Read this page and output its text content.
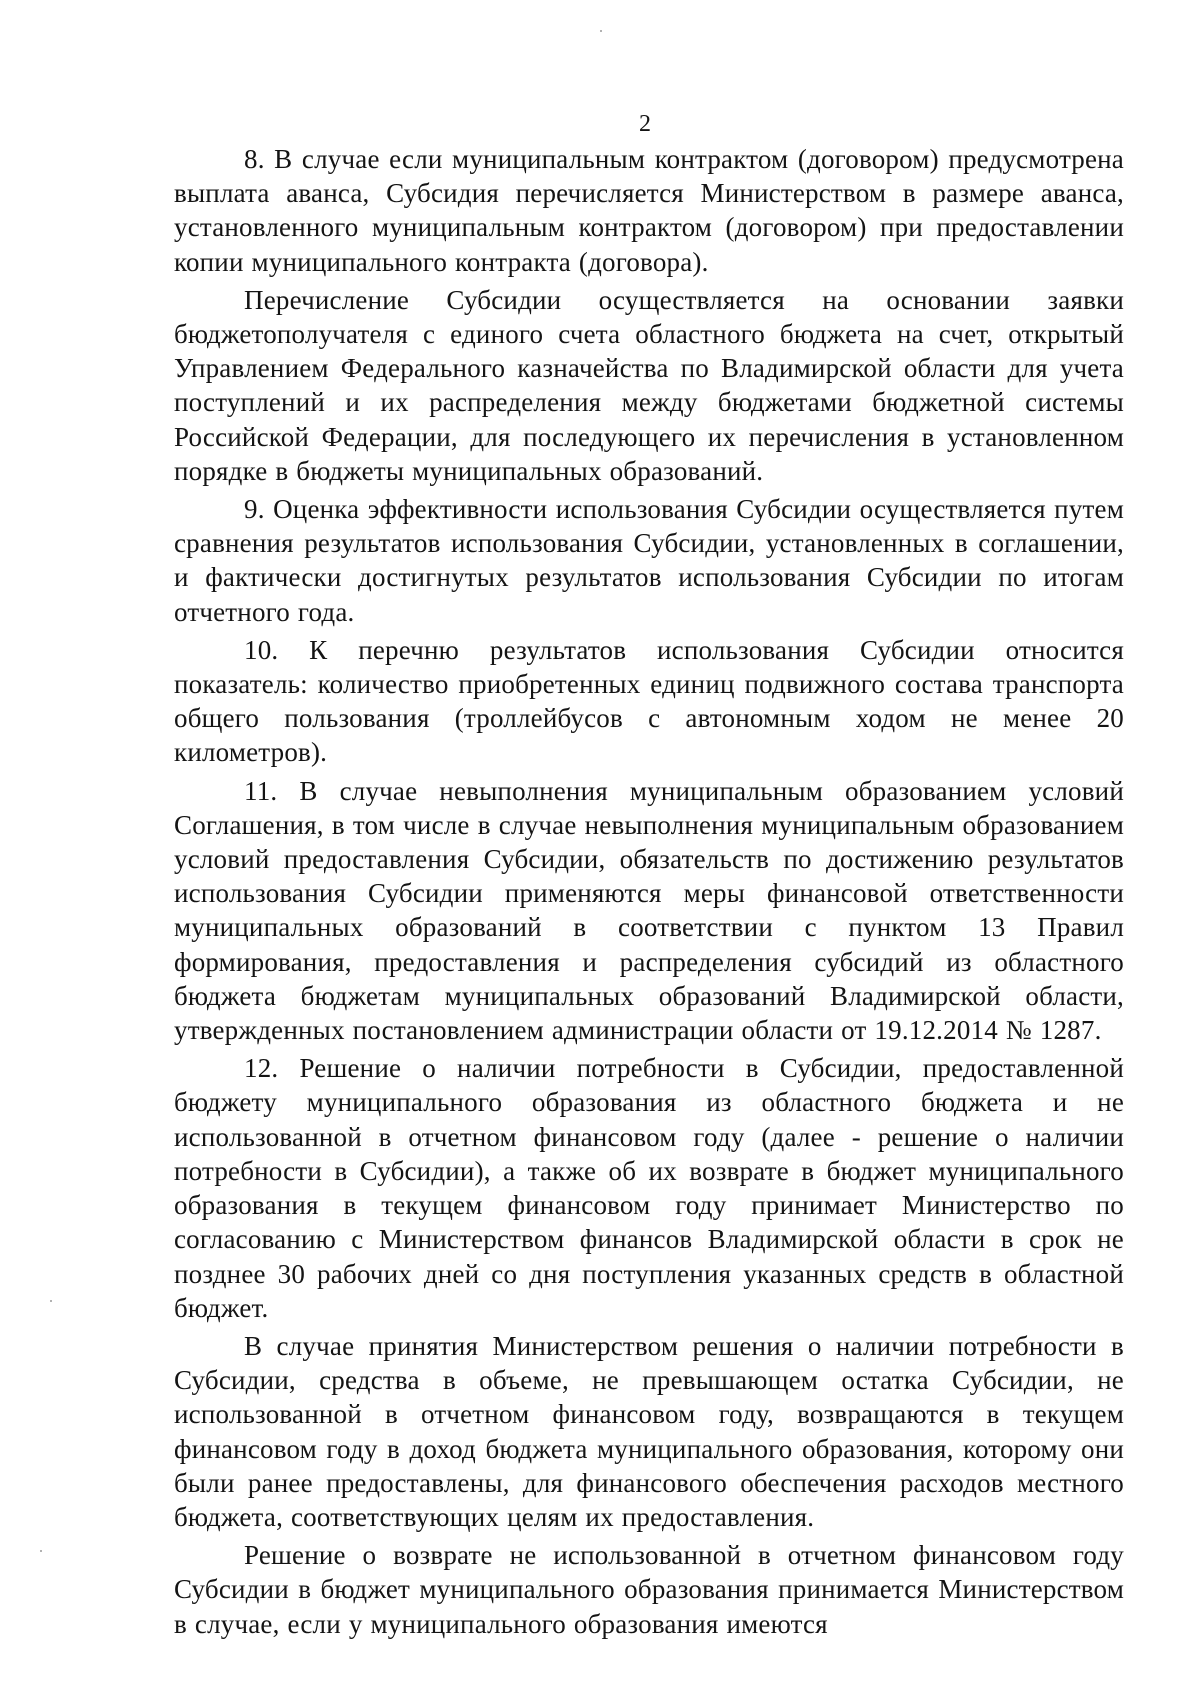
2

8. В случае если муниципальным контрактом (договором) предусмотрена выплата аванса, Субсидия перечисляется Министерством в размере аванса, установленного муниципальным контрактом (договором) при предоставлении копии муниципального контракта (договора).

Перечисление Субсидии осуществляется на основании заявки бюджетополучателя с единого счета областного бюджета на счет, открытый Управлением Федерального казначейства по Владимирской области для учета поступлений и их распределения между бюджетами бюджетной системы Российской Федерации, для последующего их перечисления в установленном порядке в бюджеты муниципальных образований.

9. Оценка эффективности использования Субсидии осуществляется путем сравнения результатов использования Субсидии, установленных в соглашении, и фактически достигнутых результатов использования Субсидии по итогам отчетного года.

10. К перечню результатов использования Субсидии относится показатель: количество приобретенных единиц подвижного состава транспорта общего пользования (троллейбусов с автономным ходом не менее 20 километров).

11. В случае невыполнения муниципальным образованием условий Соглашения, в том числе в случае невыполнения муниципальным образованием условий предоставления Субсидии, обязательств по достижению результатов использования Субсидии применяются меры финансовой ответственности муниципальных образований в соответствии с пунктом 13 Правил формирования, предоставления и распределения субсидий из областного бюджета бюджетам муниципальных образований Владимирской области, утвержденных постановлением администрации области от 19.12.2014 № 1287.

12. Решение о наличии потребности в Субсидии, предоставленной бюджету муниципального образования из областного бюджета и не использованной в отчетном финансовом году (далее - решение о наличии потребности в Субсидии), а также об их возврате в бюджет муниципального образования в текущем финансовом году принимает Министерство по согласованию с Министерством финансов Владимирской области в срок не позднее 30 рабочих дней со дня поступления указанных средств в областной бюджет.

В случае принятия Министерством решения о наличии потребности в Субсидии, средства в объеме, не превышающем остатка Субсидии, не использованной в отчетном финансовом году, возвращаются в текущем финансовом году в доход бюджета муниципального образования, которому они были ранее предоставлены, для финансового обеспечения расходов местного бюджета, соответствующих целям их предоставления.

Решение о возврате не использованной в отчетном финансовом году Субсидии в бюджет муниципального образования принимается Министерством в случае, если у муниципального образования имеются
